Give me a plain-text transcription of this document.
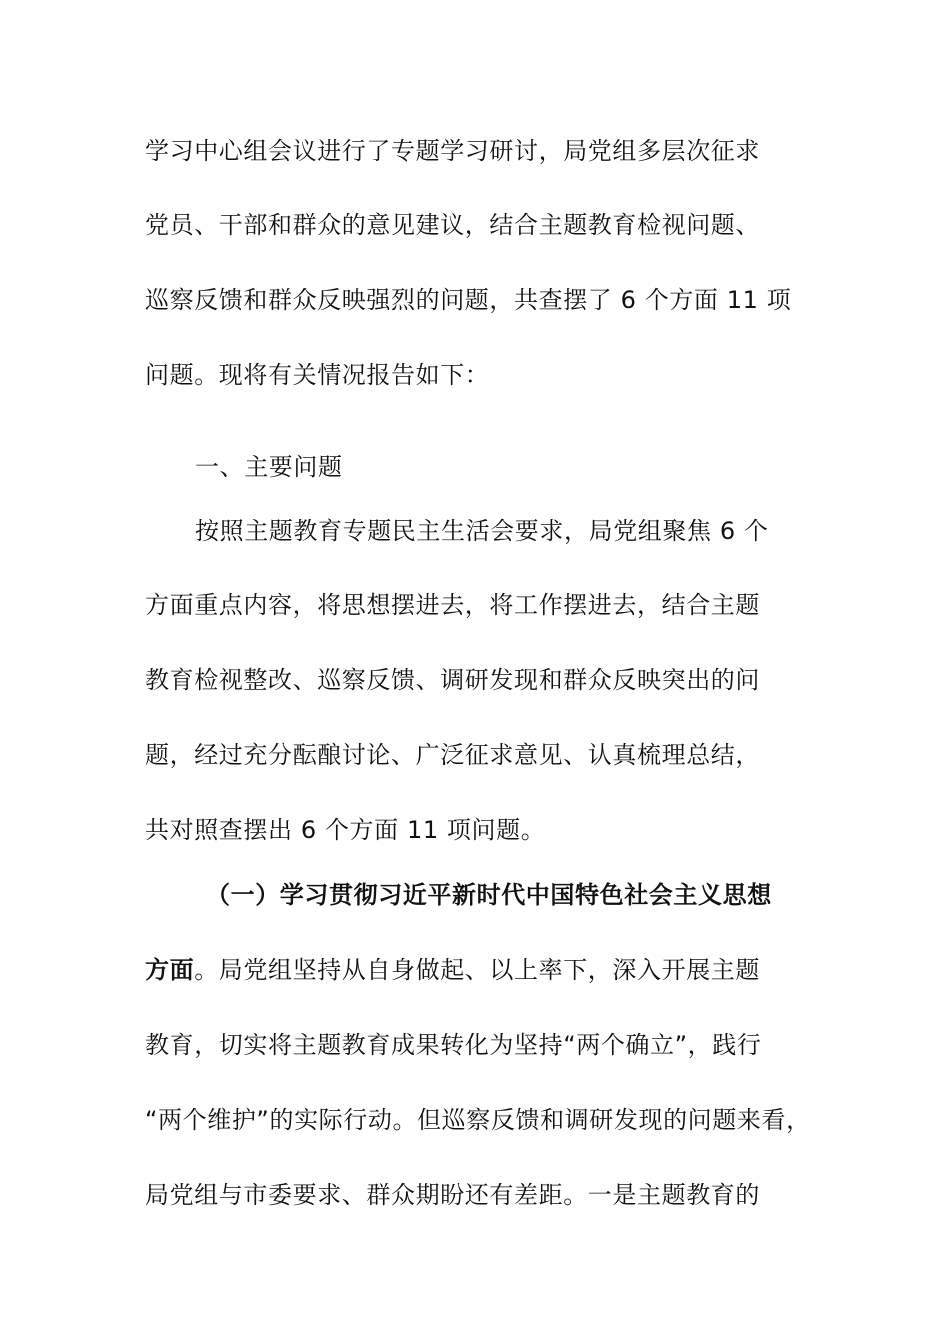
学习中心组会议进行了专题学习研讨，局党组多层次征求
党员、干部和群众的意见建议，结合主题教育检视问题、
巡察反馈和群众反映强烈的问题，共查摆了 6 个方面 11 项
问题。现将有关情况报告如下：
一、主要问题
按照主题教育专题民主生活会要求，局党组聚焦 6 个
方面重点内容，将思想摆进去，将工作摆进去，结合主题
教育检视整改、巡察反馈、调研发现和群众反映突出的问
题，经过充分酝酿讨论、广泛征求意见、认真梳理总结，
共对照查摆出 6 个方面 11 项问题。
（一）学习贯彻习近平新时代中国特色社会主义思想
方面。局党组坚持从自身做起、以上率下，深入开展主题
教育，切实将主题教育成果转化为坚持“两个确立”，践行
“两个维护”的实际行动。但巡察反馈和调研发现的问题来看，
局党组与市委要求、群众期盼还有差距。一是主题教育的
